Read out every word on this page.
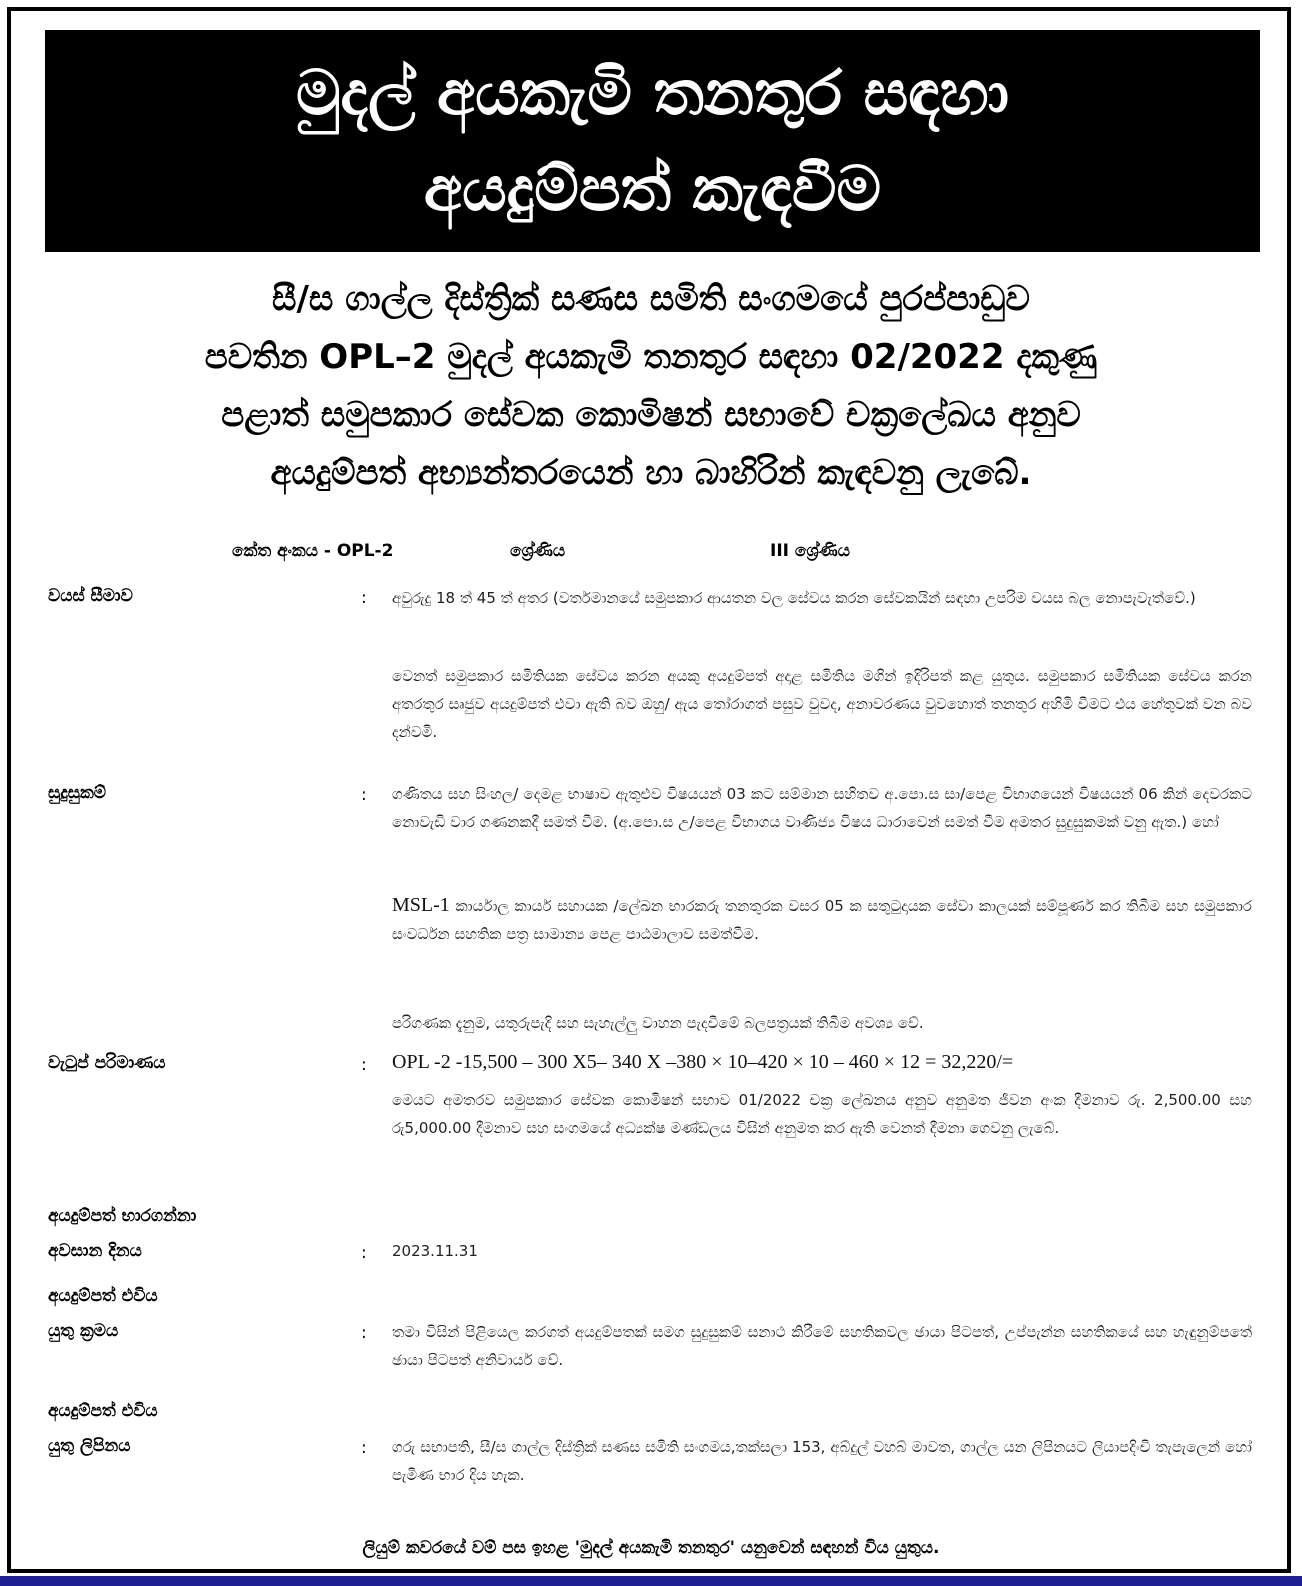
මුදල් අයකැමි තනතුර සඳහා
අයදුම්පත් කැඳවීම
සී/ස ගාල්ල දිස්ත්‍රික් සණස සමිති සංගමයේ පුරප්පාඩුව
පවතින OPL–2 මුදල් අයකැමි තනතුර සඳහා 02/2022 දකුණු
පළාත් සමුපකාර සේවක කොමිෂන් සභාවේ චක්‍රලේඛය අනුව
අයදුම්පත් අභ්‍යන්තරයෙන් හා බාහිරින් කැඳවනු ලැබේ.
කේත අංකය - OPL-2	ශ්‍රේණිය	III ශ්‍රේණිය
වයස් සීමාව	: අවුරුදු 18 ත් 45 ත් අතර (වර්තමානයේ සමුපකාර ආයතන වල සේවය කරන සේවකයින් සඳහා උපරිම වයස බල නොපැවැත්වේ.)
වෙනත් සමුපකාර සමිතියක සේවය කරන අයකු අයදුම්පත් අදාළ සමිතිය මගින් ඉදිරිපත් කළ යුතුය. සමුපකාර සමිතියක සේවය කරන අතරතුර සෘජුව අයදුම්පත් එවා ඇති බව ඔහු/ ඇය තෝරාගත් පසුව වුවද, අනාවරණය වුවහොත් තනතුර අහිමි වීමට එය හේතුවක් වන බව දන්වමි.
සුදුසුකම්	: ගණිතය සහ සිංහල/ දෙමළ භාෂාව ඇතුළුව විෂයයන් 03 කට සම්මාන සහිතව අ.පො.ස සා/පෙළ විභාගයෙන් විෂයයන් 06 කින් දෙවරකට නොවැඩි වාර ගණනකදී සමත් වීම. (අ.පො.ස උ/පෙළ විභාගය වාණිජ්‍ය විෂය ධාරාවෙන් සමත් වීම අමතර සුදුසුකමක් වනු ඇත.) හෝ
MSL-1 කාර්යාල කාර්ය සහායක /ලේඛන භාරකරු තනතුරක වසර 05 ක සතුටුදායක සේවා කාලයක් සම්පූර්ණ කර තිබීම සහ සමුපකාර සංවර්ධන සහතික පත්‍ර සාමාන්‍ය පෙළ පාඨමාලාව සමත්වීම.
පරිගණක දැනුම, යතුරුපැදි සහ සැහැල්ලු වාහන පැදවීමේ බලපත්‍රයක් තිබීම අවශ්‍ය වේ.
වැටුප් පරිමාණය	: OPL -2 -15,500 – 300 X5– 340 X –380 × 10–420 × 10 – 460 × 12 = 32,220/=
මෙයට අමතරව සමුපකාර සේවක කොමිෂන් සභාව 01/2022 චක්‍ර ලේඛනය අනුව අනුමත ජීවන අංක දීමනාව රු. 2,500.00 සහ රු5,000.00 දීමනාව සහ සංගමයේ අධ්‍යක්ෂ මණ්ඩලය විසින් අනුමත කර ඇති වෙනත් දීමනා ගෙවනු ලැබේ.
අයදුම්පත් භාරගන්නා
අවසාන දිනය	: 2023.11.31
අයදුම්පත් එවිය
යුතු ක්‍රමය	: තමා විසින් පිළියෙල කරගත් අයදුම්පතක් සමග සුදුසුකම් සනාථ කිරීමේ සහතිකවල ඡායා පිටපත්, උප්පැන්න සහතිකයේ සහ හැඳුනුම්පතේ ඡායා පිටපත් අනිවාර්ය වේ.
අයදුම්පත් එවිය
යුතු ලිපිනය	: ගරු සභාපති, සී/ස ගාල්ල දිස්ත්‍රික් සණස සමිති සංගමය,තක්සලා 153, අබ්දුල් වහබ් මාවත, ගාල්ල යන ලිපිනයට ලියාපදිංචි තැපැලෙන් හෝ පැමිණ භාර දිය හැක.
ලියුම් කවරයේ වම් පස ඉහළ 'මුදල් අයකැමි තනතුර' යනුවෙන් සඳහන් විය යුතුය.
